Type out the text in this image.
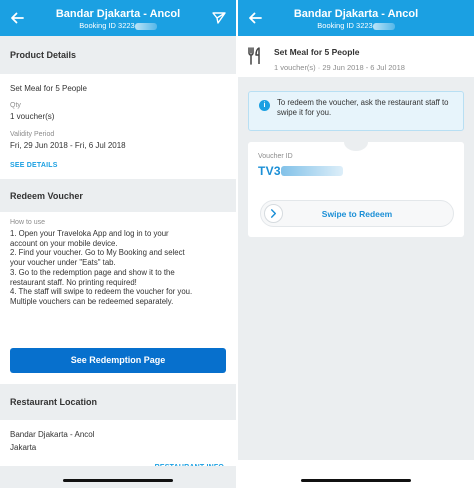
Bandar Djakarta - Ancol
Booking ID 3223
Product Details
Set Meal for 5 People
Qty
1 voucher(s)
Validity Period
Fri, 29 Jun 2018 - Fri, 6 Jul 2018
SEE DETAILS
Redeem Voucher
How to use
1. Open your Traveloka App and log in to your
account on your mobile device.
2. Find your voucher. Go to My Booking and select
your voucher under "Eats" tab.
3. Go to the redemption page and show it to the
restaurant staff. No printing required!
4. The staff will swipe to redeem the voucher for you.
Multiple vouchers can be redeemed separately.
See Redemption Page
Restaurant Location
Bandar Djakarta - Ancol
Jakarta
Bandar Djakarta - Ancol
Booking ID 3223
Set Meal for 5 People
1 voucher(s) · 29 Jun 2018 - 6 Jul 2018
i	To redeem the voucher, ask the restaurant staff to swipe it for you.
Voucher ID
TV3
Swipe to Redeem
